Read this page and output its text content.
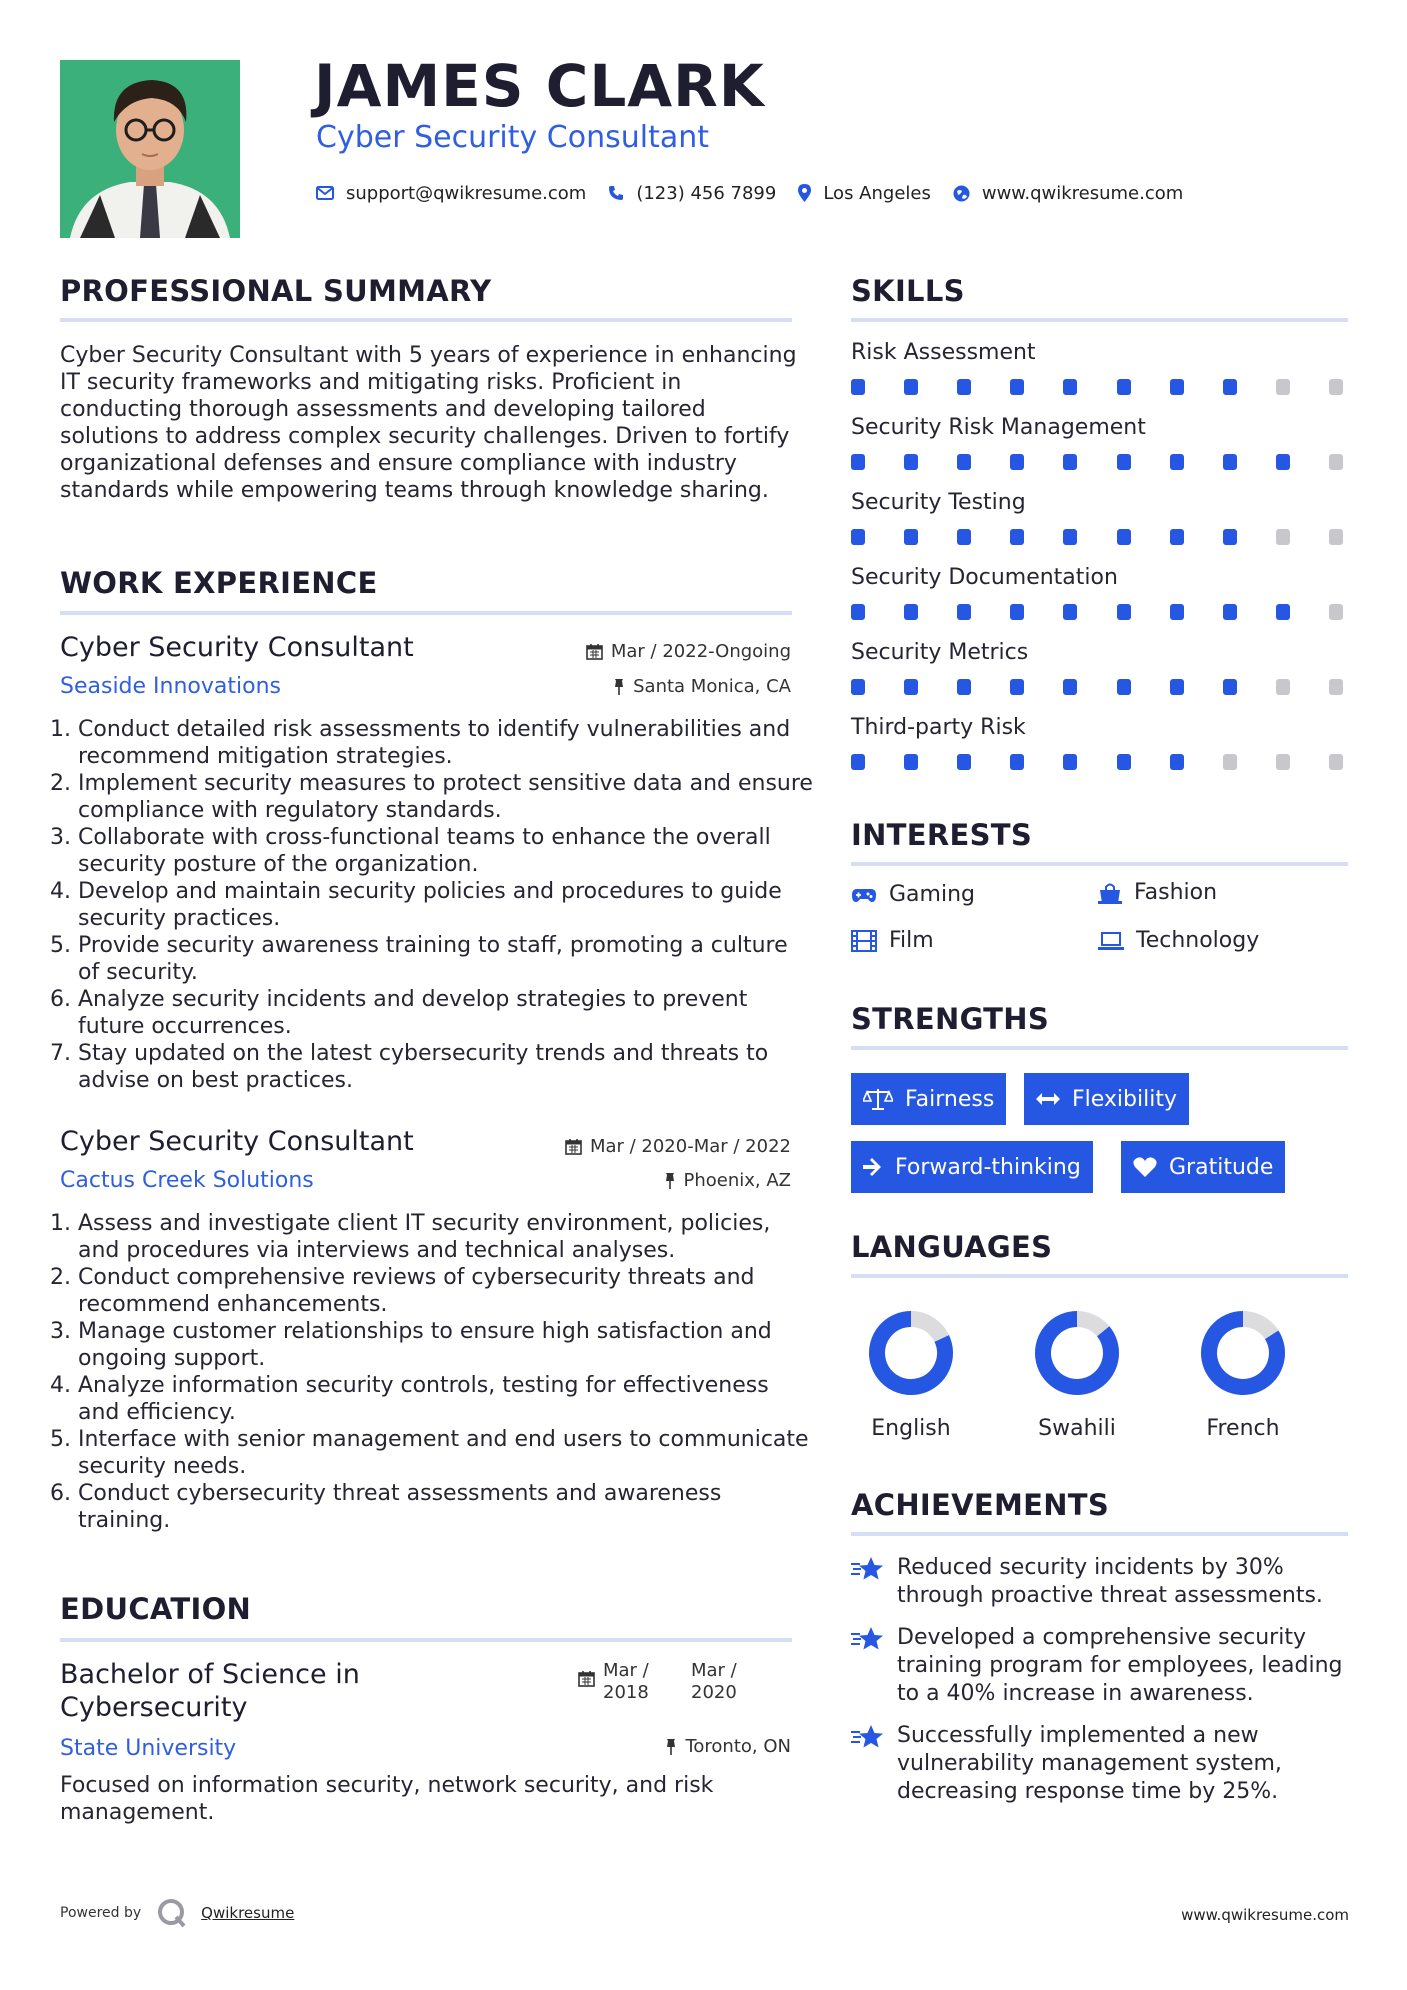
JAMES CLARK
Cyber Security Consultant
support@qwikresume.com	(123) 456 7899	Los Angeles	www.qwikresume.com
PROFESSIONAL SUMMARY
Cyber Security Consultant with 5 years of experience in enhancing IT security frameworks and mitigating risks. Proficient in conducting thorough assessments and developing tailored solutions to address complex security challenges. Driven to fortify organizational defenses and ensure compliance with industry standards while empowering teams through knowledge sharing.
WORK EXPERIENCE
Cyber Security Consultant	Mar / 2022-Ongoing
Seaside Innovations	Santa Monica, CA
1. Conduct detailed risk assessments to identify vulnerabilities and recommend mitigation strategies.
2. Implement security measures to protect sensitive data and ensure compliance with regulatory standards.
3. Collaborate with cross-functional teams to enhance the overall security posture of the organization.
4. Develop and maintain security policies and procedures to guide security practices.
5. Provide security awareness training to staff, promoting a culture of security.
6. Analyze security incidents and develop strategies to prevent future occurrences.
7. Stay updated on the latest cybersecurity trends and threats to advise on best practices.
Cyber Security Consultant	Mar / 2020-Mar / 2022
Cactus Creek Solutions	Phoenix, AZ
1. Assess and investigate client IT security environment, policies, and procedures via interviews and technical analyses.
2. Conduct comprehensive reviews of cybersecurity threats and recommend enhancements.
3. Manage customer relationships to ensure high satisfaction and ongoing support.
4. Analyze information security controls, testing for effectiveness and efficiency.
5. Interface with senior management and end users to communicate security needs.
6. Conduct cybersecurity threat assessments and awareness training.
EDUCATION
Bachelor of Science in Cybersecurity
Mar / 2018
Mar / 2020
State University	Toronto, ON
Focused on information security, network security, and risk management.
SKILLS
Risk Assessment
Security Risk Management
Security Testing
Security Documentation
Security Metrics
Third-party Risk
INTERESTS
Gaming	Fashion
Film	Technology
STRENGTHS
Fairness	Flexibility
Forward-thinking	Gratitude
LANGUAGES
English	Swahili	French
ACHIEVEMENTS
Reduced security incidents by 30% through proactive threat assessments.
Developed a comprehensive security training program for employees, leading to a 40% increase in awareness.
Successfully implemented a new vulnerability management system, decreasing response time by 25%.
Powered by	Qwikresume	www.qwikresume.com
